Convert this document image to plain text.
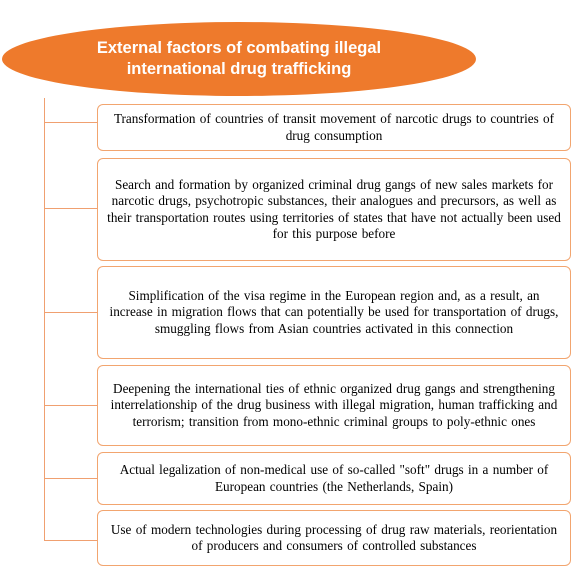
External factors of combating illegal
international drug trafficking
Transformation of countries of transit movement of narcotic drugs to countries of drug consumption
Search and formation by organized criminal drug gangs of new sales markets for narcotic drugs, psychotropic substances, their analogues and precursors, as well as their transportation routes using territories of states that have not actually been used for this purpose before
Simplification of the visa regime in the European region and, as a result, an increase in migration flows that can potentially be used for transportation of drugs, smuggling flows from Asian countries activated in this connection
Deepening the international ties of ethnic organized drug gangs and strengthening interrelationship of the drug business with illegal migration, human trafficking and terrorism; transition from mono-ethnic criminal groups to poly-ethnic ones
Actual legalization of non-medical use of so-called "soft" drugs in a number of European countries (the Netherlands, Spain)
Use of modern technologies during processing of drug raw materials, reorientation of producers and consumers of controlled substances
